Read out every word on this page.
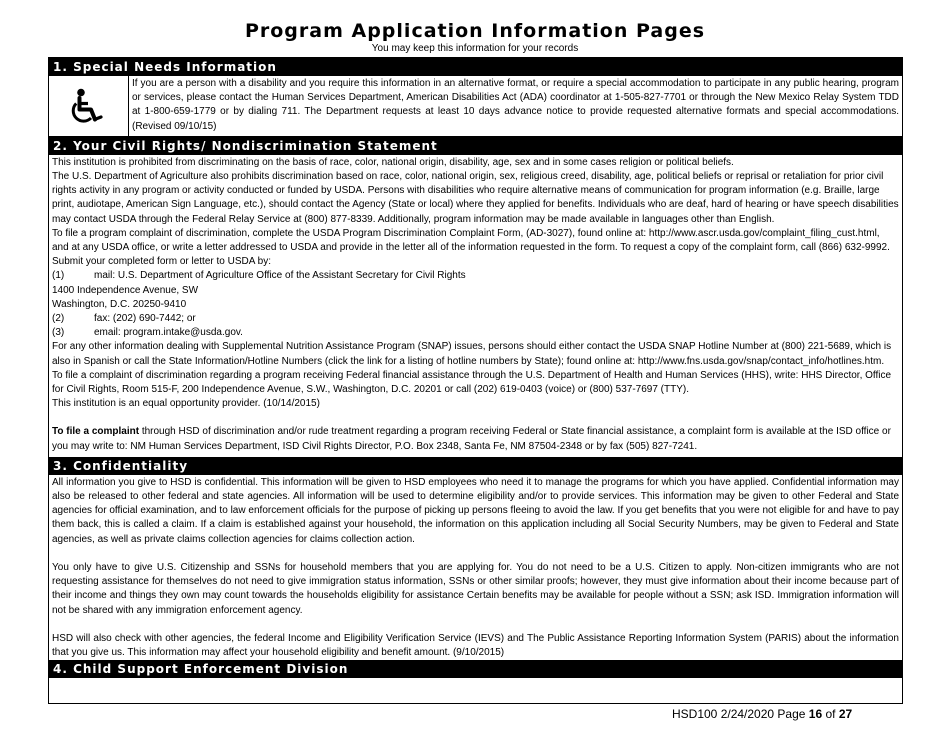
Program Application Information Pages
You may keep this information for your records
1. Special Needs Information
If you are a person with a disability and you require this information in an alternative format, or require a special accommodation to participate in any public hearing, program or services, please contact the Human Services Department, American Disabilities Act (ADA) coordinator at 1-505-827-7701 or through the New Mexico Relay System TDD at 1-800-659-1779 or by dialing 711. The Department requests at least 10 days advance notice to provide requested alternative formats and special accommodations. (Revised 09/10/15)
2. Your Civil Rights/ Nondiscrimination Statement

This institution is prohibited from discriminating on the basis of race, color, national origin, disability, age, sex and in some cases religion or political beliefs.

The U.S. Department of Agriculture also prohibits discrimination based on race, color, national origin, sex, religious creed, disability, age, political beliefs or reprisal or retaliation for prior civil rights activity in any program or activity conducted or funded by USDA. Persons with disabilities who require alternative means of communication for program information (e.g. Braille, large print, audiotape, American Sign Language, etc.), should contact the Agency (State or local) where they applied for benefits. Individuals who are deaf, hard of hearing or have speech disabilities may contact USDA through the Federal Relay Service at (800) 877-8339. Additionally, program information may be made available in languages other than English.

To file a program complaint of discrimination, complete the USDA Program Discrimination Complaint Form, (AD-3027), found online at: http://www.ascr.usda.gov/complaint_filing_cust.html, and at any USDA office, or write a letter addressed to USDA and provide in the letter all of the information requested in the form. To request a copy of the complaint form, call (866) 632-9992. Submit your completed form or letter to USDA by:

(1)	mail: U.S. Department of Agriculture Office of the Assistant Secretary for Civil Rights

1400 Independence Avenue, SW

Washington, D.C. 20250-9410

(2)	fax: (202) 690-7442; or
(3)	email: program.intake@usda.gov.

For any other information dealing with Supplemental Nutrition Assistance Program (SNAP) issues, persons should either contact the USDA SNAP Hotline Number at (800) 221-5689, which is also in Spanish or call the State Information/Hotline Numbers (click the link for a listing of hotline numbers by State); found online at: http://www.fns.usda.gov/snap/contact_info/hotlines.htm.

To file a complaint of discrimination regarding a program receiving Federal financial assistance through the U.S. Department of Health and Human Services (HHS), write: HHS Director, Office for Civil Rights, Room 515-F, 200 Independence Avenue, S.W., Washington, D.C. 20201 or call (202) 619-0403 (voice) or (800) 537-7697 (TTY).

This institution is an equal opportunity provider. (10/14/2015)

To file a complaint through HSD of discrimination and/or rude treatment regarding a program receiving Federal or State financial assistance, a complaint form is available at the ISD office or you may write to: NM Human Services Department, ISD Civil Rights Director, P.O. Box 2348, Santa Fe, NM 87504-2348 or by fax (505) 827-7241.

3. Confidentiality

All information you give to HSD is confidential. This information will be given to HSD employees who need it to manage the programs for which you have applied. Confidential information may also be released to other federal and state agencies. All information will be used to determine eligibility and/or to provide services. This information may be given to other Federal and State agencies for official examination, and to law enforcement officials for the purpose of picking up persons fleeing to avoid the law. If you get benefits that you were not eligible for and have to pay them back, this is called a claim. If a claim is established against your household, the information on this application including all Social Security Numbers, may be given to Federal and State agencies, as well as private claims collection agencies for claims collection action.

You only have to give U.S. Citizenship and SSNs for household members that you are applying for. You do not need to be a U.S. Citizen to apply. Non-citizen immigrants who are not requesting assistance for themselves do not need to give immigration status information, SSNs or other similar proofs; however, they must give information about their income because part of their income and things they own may count towards the households eligibility for assistance Certain benefits may be available for people without a SSN; ask ISD. Immigration information will not be shared with any immigration enforcement agency.

HSD will also check with other agencies, the federal Income and Eligibility Verification Service (IEVS) and The Public Assistance Reporting Information System (PARIS) about the information that you give us. This information may affect your household eligibility and benefit amount. (9/10/2015)

4. Child Support Enforcement Division
HSD100 2/24/2020 Page 16 of 27
